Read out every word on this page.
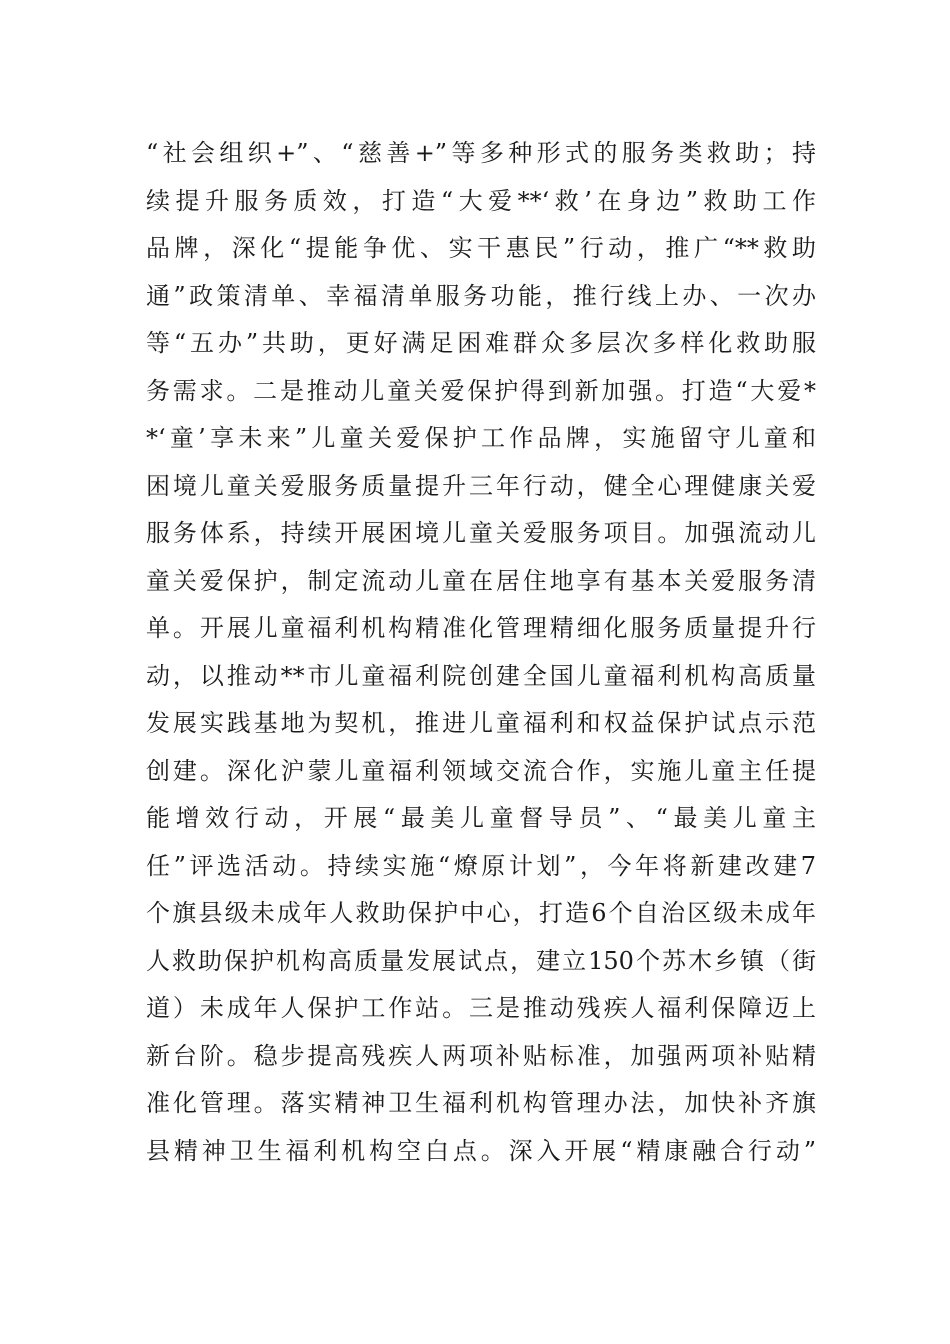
“社会组织+”、“慈善+”等多种形式的服务类救助；持
续提升服务质效，打造“大爱**‘救’在身边”救助工作
品牌，深化“提能争优、实干惠民”行动，推广“**救助
通”政策清单、幸福清单服务功能，推行线上办、一次办
等“五办”共助，更好满足困难群众多层次多样化救助服
务需求。二是推动儿童关爱保护得到新加强。打造“大爱*
*‘童’享未来”儿童关爱保护工作品牌，实施留守儿童和
困境儿童关爱服务质量提升三年行动，健全心理健康关爱
服务体系，持续开展困境儿童关爱服务项目。加强流动儿
童关爱保护，制定流动儿童在居住地享有基本关爱服务清
单。开展儿童福利机构精准化管理精细化服务质量提升行
动，以推动**市儿童福利院创建全国儿童福利机构高质量
发展实践基地为契机，推进儿童福利和权益保护试点示范
创建。深化沪蒙儿童福利领域交流合作，实施儿童主任提
能增效行动，开展“最美儿童督导员”、“最美儿童主
任”评选活动。持续实施“燎原计划”，今年将新建改建7
个旗县级未成年人救助保护中心，打造6个自治区级未成年
人救助保护机构高质量发展试点，建立150个苏木乡镇（街
道）未成年人保护工作站。三是推动残疾人福利保障迈上
新台阶。稳步提高残疾人两项补贴标准，加强两项补贴精
准化管理。落实精神卫生福利机构管理办法，加快补齐旗
县精神卫生福利机构空白点。深入开展“精康融合行动”
